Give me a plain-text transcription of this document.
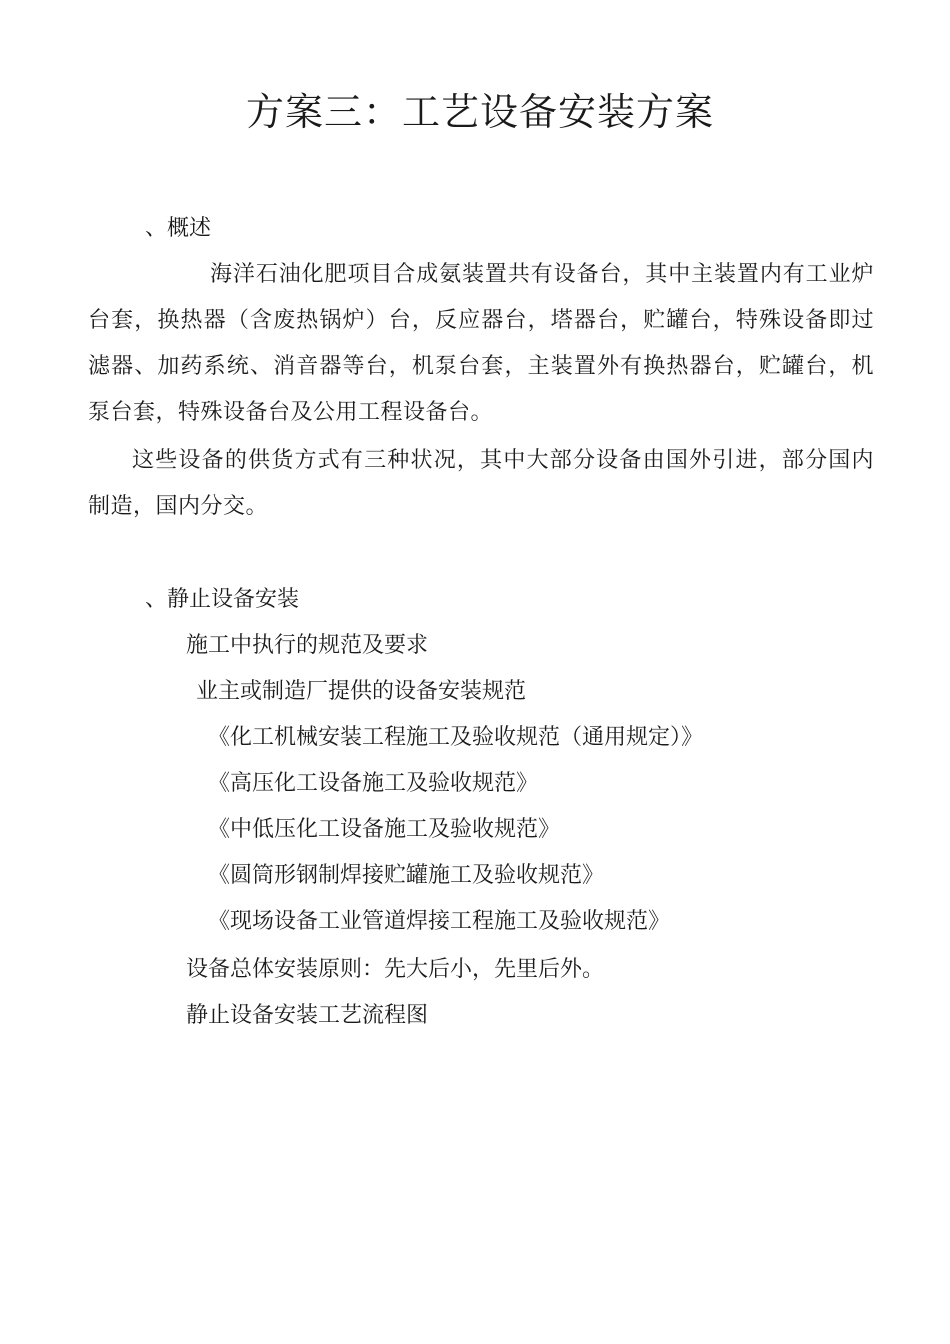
方案三：工艺设备安装方案

、概述

海洋石油化肥项目合成氨装置共有设备台，其中主装置内有工业炉台套，换热器（含废热锅炉）台，反应器台，塔器台，贮罐台，特殊设备即过滤器、加药系统、消音器等台，机泵台套，主装置外有换热器台，贮罐台，机泵台套，特殊设备台及公用工程设备台。

这些设备的供货方式有三种状况，其中大部分设备由国外引进，部分国内制造，国内分交。

、静止设备安装

施工中执行的规范及要求

业主或制造厂提供的设备安装规范

《化工机械安装工程施工及验收规范（通用规定）》

《高压化工设备施工及验收规范》

《中低压化工设备施工及验收规范》

《圆筒形钢制焊接贮罐施工及验收规范》

《现场设备工业管道焊接工程施工及验收规范》

设备总体安装原则：先大后小，先里后外。

静止设备安装工艺流程图
